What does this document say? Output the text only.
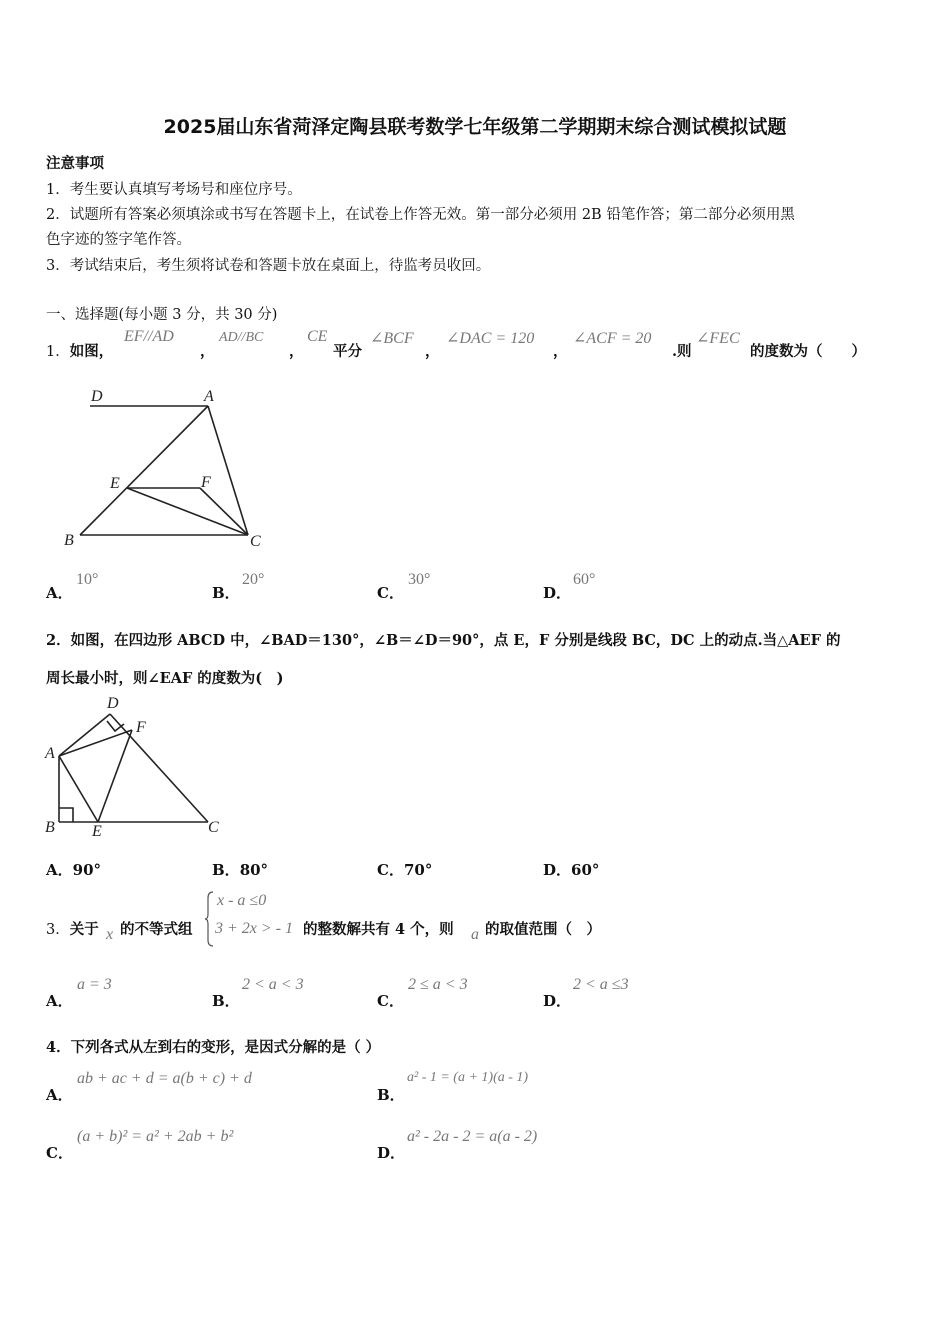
2025届山东省菏泽定陶县联考数学七年级第二学期期末综合测试模拟试题
注意事项
1．考生要认真填写考场号和座位序号。
2．试题所有答案必须填涂或书写在答题卡上，在试卷上作答无效。第一部分必须用 2B 铅笔作答；第二部分必须用黑
色字迹的签字笔作答。
3．考试结束后，考生须将试卷和答题卡放在桌面上，待监考员收回。
一、选择题(每小题 3 分，共 30 分)
1．如图，
EF//AD
，
AD//BC
，
CE
平分
∠BCF
，
∠DAC = 120
，
∠ACF = 20
.则
∠FEC
的度数为（　　）
D	A
E	F
B	C
A．
10°
B．
20°
C．
30°
D．
60°
2．如图，在四边形 ABCD 中，∠BAD＝130°，∠B＝∠D＝90°，点 E，F 分别是线段 BC，DC 上的动点.当△AEF 的
周长最小时，则∠EAF 的度数为(　)
D
F
A
B E	C
A．90°	B．80°	C．70°	D．60°
3．关于 x 的不等式组
x - a ≤0
3 + 2x > - 1 的整数解共有 4 个，则 a 的取值范围（　）
A．
a = 3
B．
2 < a < 3
C．
2 ≤ a < 3
D．
2 < a ≤3
4．下列各式从左到右的变形，是因式分解的是（ ）
A．
ab + ac + d = a(b + c) + d
B．
a² - 1 = (a + 1)(a - 1)
C．
(a + b)² = a² + 2ab + b²
D．
a² - 2a - 2 = a(a - 2)
